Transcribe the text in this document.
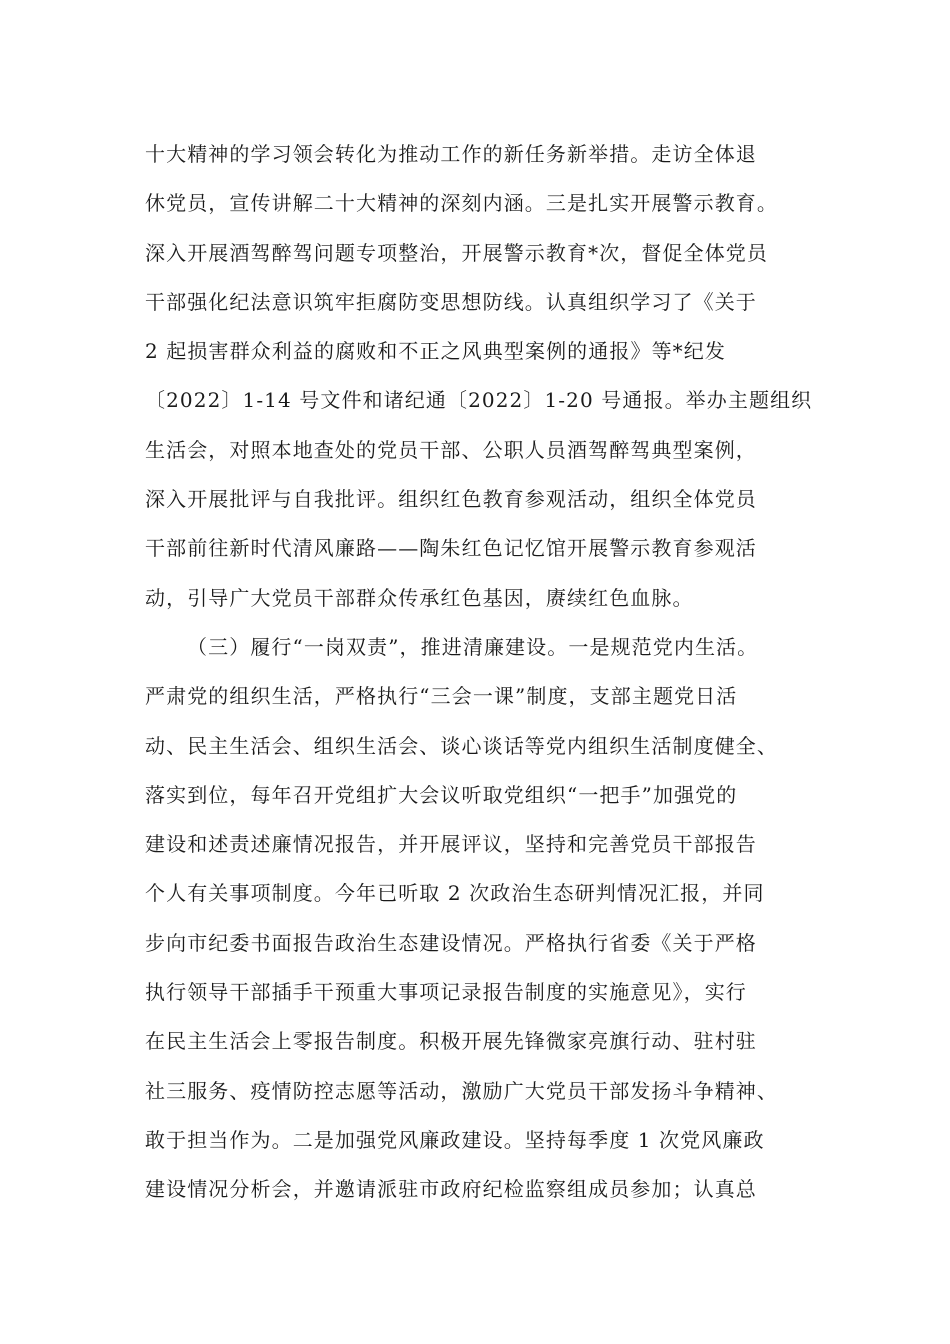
十大精神的学习领会转化为推动工作的新任务新举措。走访全体退
休党员，宣传讲解二十大精神的深刻内涵。三是扎实开展警示教育。
深入开展酒驾醉驾问题专项整治，开展警示教育*次，督促全体党员
干部强化纪法意识筑牢拒腐防变思想防线。认真组织学习了《关于
2 起损害群众利益的腐败和不正之风典型案例的通报》等*纪发
〔2022〕1-14 号文件和诸纪通〔2022〕1-20 号通报。举办主题组织
生活会，对照本地查处的党员干部、公职人员酒驾醉驾典型案例，
深入开展批评与自我批评。组织红色教育参观活动，组织全体党员
干部前往新时代清风廉路——陶朱红色记忆馆开展警示教育参观活
动，引导广大党员干部群众传承红色基因，赓续红色血脉。
（三）履行“一岗双责”，推进清廉建设。一是规范党内生活。
严肃党的组织生活，严格执行“三会一课”制度，支部主题党日活
动、民主生活会、组织生活会、谈心谈话等党内组织生活制度健全、
落实到位，每年召开党组扩大会议听取党组织“一把手”加强党的
建设和述责述廉情况报告，并开展评议，坚持和完善党员干部报告
个人有关事项制度。今年已听取 2 次政治生态研判情况汇报，并同
步向市纪委书面报告政治生态建设情况。严格执行省委《关于严格
执行领导干部插手干预重大事项记录报告制度的实施意见》，实行
在民主生活会上零报告制度。积极开展先锋微家亮旗行动、驻村驻
社三服务、疫情防控志愿等活动，激励广大党员干部发扬斗争精神、
敢于担当作为。二是加强党风廉政建设。坚持每季度 1 次党风廉政
建设情况分析会，并邀请派驻市政府纪检监察组成员参加；认真总
